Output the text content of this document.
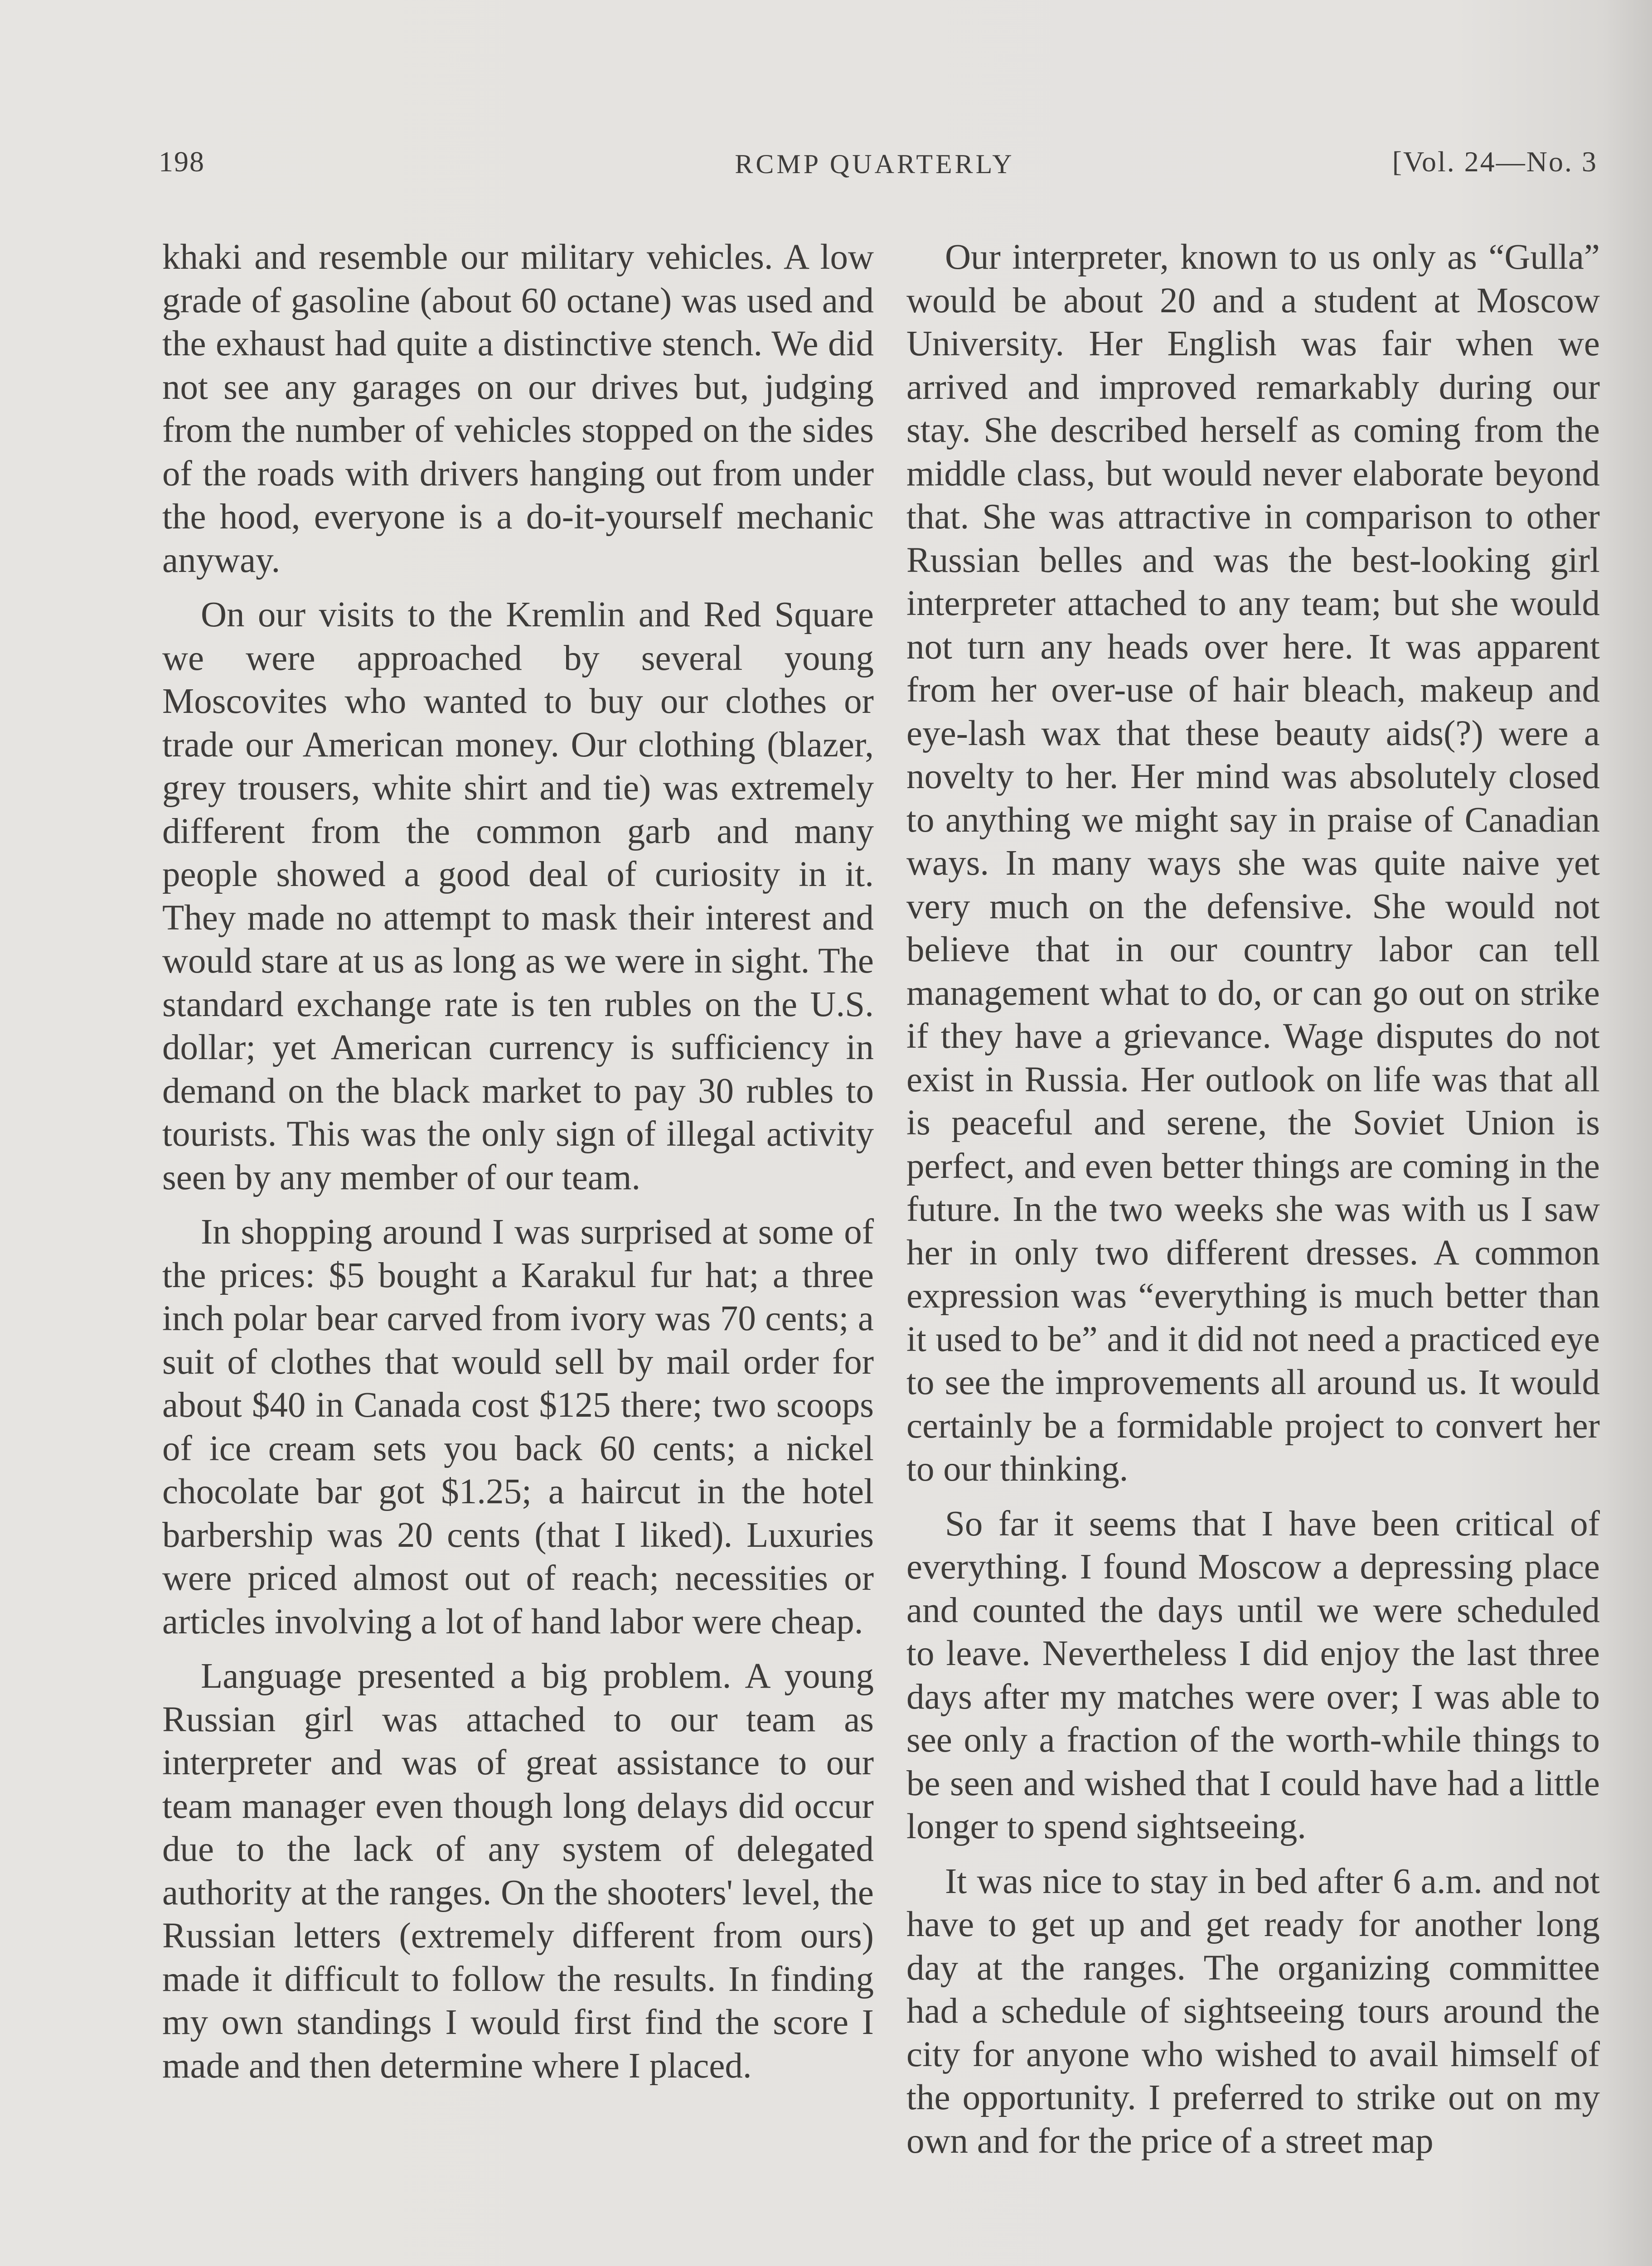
198	RCMP QUARTERLY	[Vol. 24—No. 3

khaki and resemble our military vehicles. A low grade of gasoline (about 60 octane) was used and the exhaust had quite a distinctive stench. We did not see any garages on our drives but, judging from the number of vehicles stopped on the sides of the roads with drivers hanging out from under the hood, everyone is a do-it-yourself mechanic anyway.

On our visits to the Kremlin and Red Square we were approached by several young Moscovites who wanted to buy our clothes or trade our American money. Our clothing (blazer, grey trousers, white shirt and tie) was extremely different from the common garb and many people showed a good deal of curiosity in it. They made no attempt to mask their interest and would stare at us as long as we were in sight. The standard exchange rate is ten rubles on the U.S. dollar; yet American currency is sufficiency in demand on the black market to pay 30 rubles to tourists. This was the only sign of illegal activity seen by any member of our team.

In shopping around I was surprised at some of the prices: $5 bought a Karakul fur hat; a three inch polar bear carved from ivory was 70 cents; a suit of clothes that would sell by mail order for about $40 in Canada cost $125 there; two scoops of ice cream sets you back 60 cents; a nickel chocolate bar got $1.25; a haircut in the hotel barbership was 20 cents (that I liked). Luxuries were priced almost out of reach; necessities or articles involving a lot of hand labor were cheap.

Language presented a big problem. A young Russian girl was attached to our team as interpreter and was of great assistance to our team manager even though long delays did occur due to the lack of any system of delegated authority at the ranges. On the shooters' level, the Russian letters (extremely different from ours) made it difficult to follow the results. In finding my own standings I would first find the score I made and then determine where I placed.

Our interpreter, known to us only as “Gulla” would be about 20 and a student at Moscow University. Her English was fair when we arrived and improved remarkably during our stay. She described herself as coming from the middle class, but would never elaborate beyond that. She was attractive in comparison to other Russian belles and was the best-looking girl interpreter attached to any team; but she would not turn any heads over here. It was apparent from her over-use of hair bleach, makeup and eye-lash wax that these beauty aids(?) were a novelty to her. Her mind was absolutely closed to anything we might say in praise of Canadian ways. In many ways she was quite naive yet very much on the defensive. She would not believe that in our country labor can tell management what to do, or can go out on strike if they have a grievance. Wage disputes do not exist in Russia. Her outlook on life was that all is peaceful and serene, the Soviet Union is perfect, and even better things are coming in the future. In the two weeks she was with us I saw her in only two different dresses. A common expression was “everything is much better than it used to be” and it did not need a practiced eye to see the improvements all around us. It would certainly be a formidable project to convert her to our thinking.

So far it seems that I have been critical of everything. I found Moscow a depressing place and counted the days until we were scheduled to leave. Nevertheless I did enjoy the last three days after my matches were over; I was able to see only a fraction of the worth-while things to be seen and wished that I could have had a little longer to spend sightseeing.

It was nice to stay in bed after 6 a.m. and not have to get up and get ready for another long day at the ranges. The organizing committee had a schedule of sightseeing tours around the city for anyone who wished to avail himself of the opportunity. I preferred to strike out on my own and for the price of a street map
